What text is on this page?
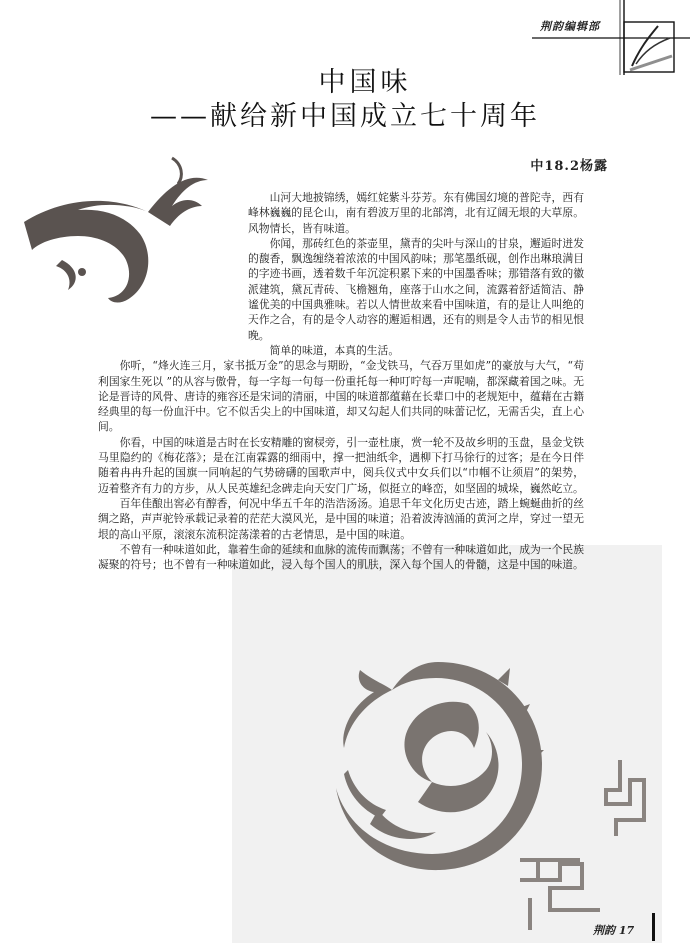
荆韵编辑部
中国味
——献给新中国成立七十周年
中18.2杨露

山河大地披锦绣，嫣红姹紫斗芬芳。东有佛国幻境的普陀寺，西有峰林巍巍的昆仑山，南有碧波万里的北部湾，北有辽阔无垠的大草原。风物情长，皆有味道。

你闻，那砖红色的茶壶里，黛青的尖叶与深山的甘泉，邂逅时迸发的馥香，飘逸缠绕着浓浓的中国风韵味；那笔墨纸砚，创作出琳琅满目的字迹书画，透着数千年沉淀积累下来的中国墨香味；那错落有致的徽派建筑，黛瓦青砖、飞檐翘角，座落于山水之间，流露着舒适简洁、静谧优美的中国典雅味。若以人情世故来看中国味道，有的是让人叫绝的天作之合，有的是令人动容的邂逅相遇，还有的则是令人击节的相见恨晚。

简单的味道，本真的生活。

你听，“烽火连三月，家书抵万金”的思念与期盼，“金戈铁马，气吞万里如虎”的豪放与大气，“苟利国家生死以 ”的从容与傲骨，每一字每一句每一份重托每一种叮咛每一声呢喃，都深藏着国之味。无论是晋诗的风骨、唐诗的雍容还是宋词的清丽，中国的味道都蕴藉在长辈口中的老规矩中，蕴藉在古籍经典里的每一份血汗中。它不似舌尖上的中国味道，却又勾起人们共同的味蕾记忆，无需舌尖，直上心间。

你看，中国的味道是古时在长安精雕的窗棂旁，引一壶杜康，赏一轮不及故乡明的玉盘，垦金戈铁马里隐约的《梅花落》；是在江南霖露的细雨中，撑一把油纸伞，遇柳下打马徐行的过客；是在今日伴随着冉冉升起的国旗一同响起的气势磅礴的国歌声中，阅兵仪式中女兵们以“巾帼不让须眉”的架势，迈着整齐有力的方步，从人民英雄纪念碑走向天安门广场，似挺立的峰峦，如坚固的城垛，巍然屹立。

百年佳酿出窖必有醇香，何况中华五千年的浩浩汤汤。追思千年文化历史古迹，踏上蜿蜒曲折的丝绸之路，声声驼铃承载记录着的茫茫大漠风光，是中国的味道；沿着波涛汹涌的黄河之岸，穿过一望无垠的高山平原，滚滚东流积淀荡漾着的古老情思，是中国的味道。

不曾有一种味道如此，靠着生命的延续和血脉的流传而飘荡；不曾有一种味道如此，成为一个民族凝聚的符号；也不曾有一种味道如此，浸入每个国人的肌肤，深入每个国人的骨髓，这是中国的味道。

荆韵 17
